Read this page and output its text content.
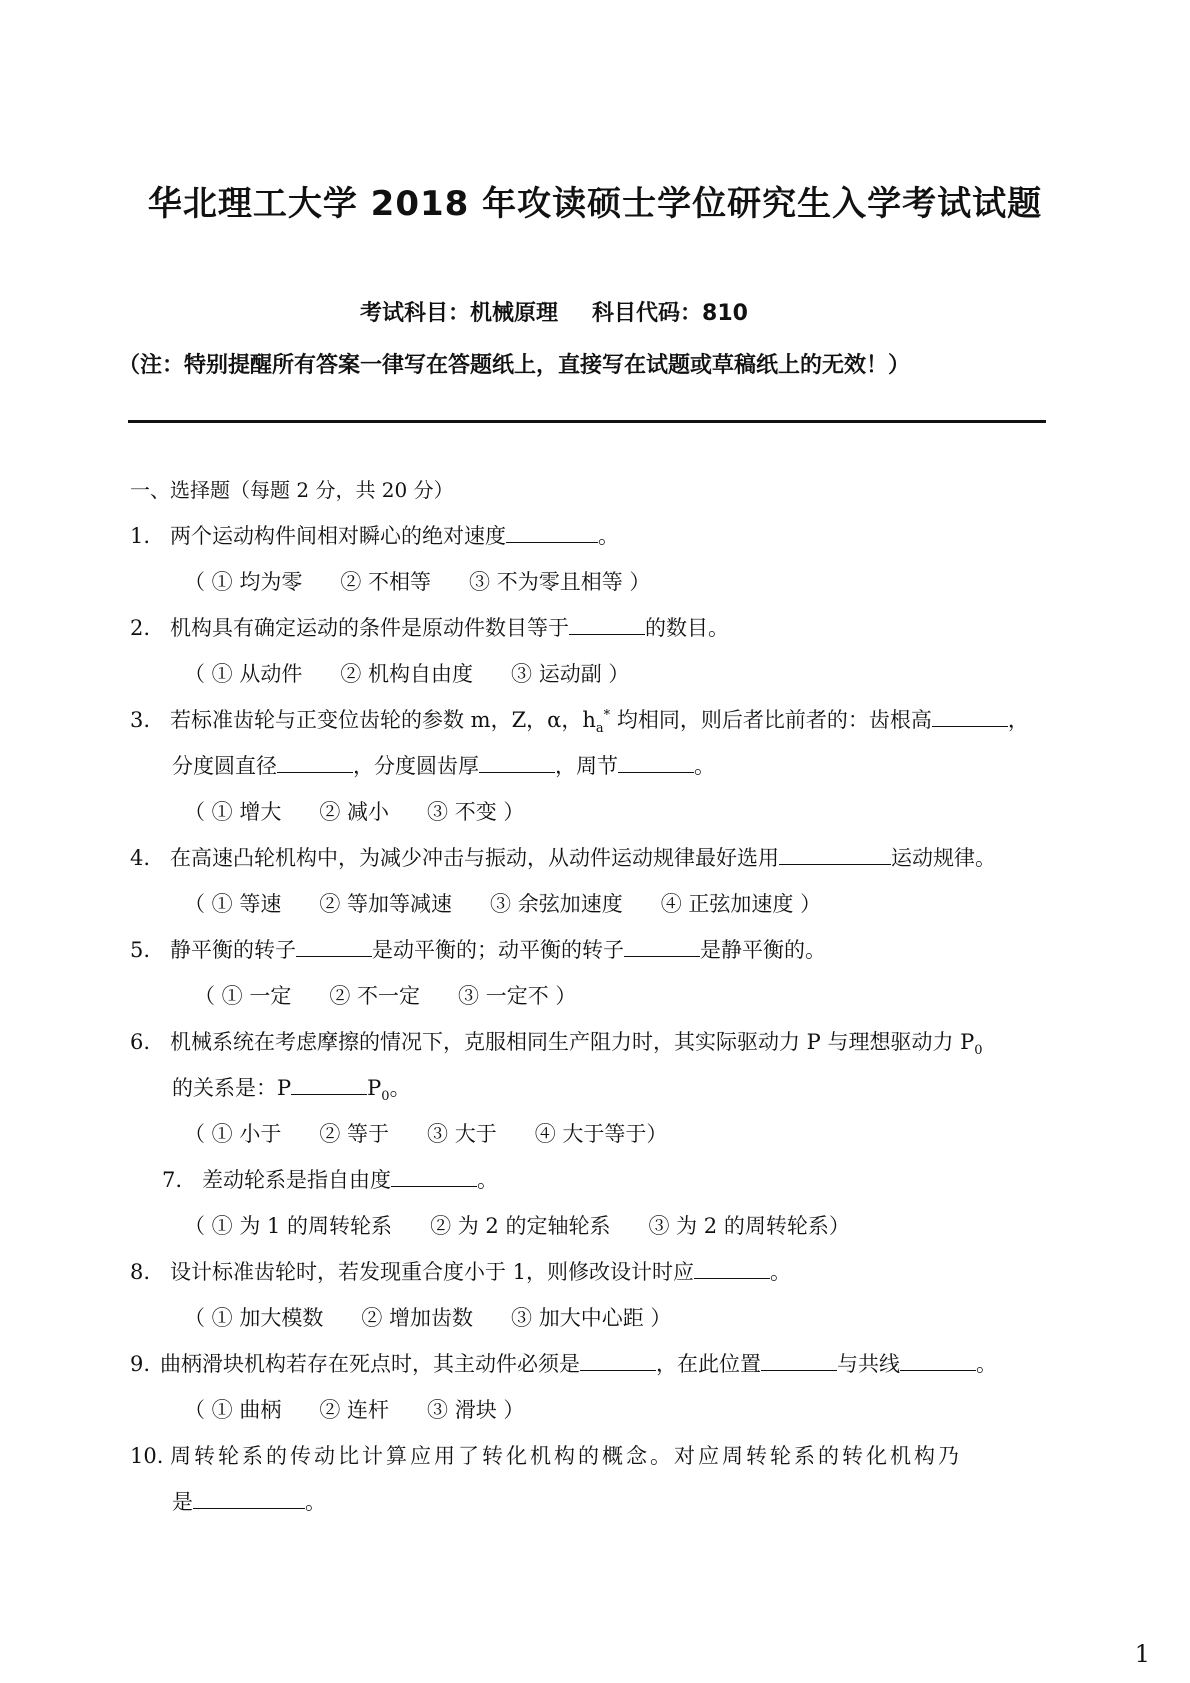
华北理工大学 2018 年攻读硕士学位研究生入学考试试题
考试科目：机械原理 科目代码：810
（注：特别提醒所有答案一律写在答题纸上，直接写在试题或草稿纸上的无效！）
一、选择题（每题 2 分，共 20 分）
1. 两个运动构件间相对瞬心的绝对速度	。
（ ① 均为零 ② 不相等 ③ 不为零且相等 ）
2. 机构具有确定运动的条件是原动件数目等于	的数目。
（ ① 从动件 ② 机构自由度 ③ 运动副 ）
3. 若标准齿轮与正变位齿轮的参数 m，Z，α，$h_a^*$ 均相同，则后者比前者的：齿根高	，
分度圆直径	，分度圆齿厚	，周节	。
（ ① 增大 ② 减小 ③ 不变 ）
4. 在高速凸轮机构中，为减少冲击与振动，从动件运动规律最好选用	运动规律。
（ ① 等速 ② 等加等减速 ③ 余弦加速度 ④ 正弦加速度 ）
5. 静平衡的转子	是动平衡的；动平衡的转子	是静平衡的。
（ ① 一定 ② 不一定 ③ 一定不 ）
6. 机械系统在考虑摩擦的情况下，克服相同生产阻力时，其实际驱动力 P 与理想驱动力 $P_0$
的关系是：P	$P_0$。
（ ① 小于 ② 等于 ③ 大于 ④ 大于等于）
7. 差动轮系是指自由度	。
（ ① 为 1 的周转轮系 ② 为 2 的定轴轮系 ③ 为 2 的周转轮系）
8. 设计标准齿轮时，若发现重合度小于 1，则修改设计时应	。
（ ① 加大模数 ② 增加齿数 ③ 加大中心距 ）
9. 曲柄滑块机构若存在死点时，其主动件必须是	，在此位置	与共线	。
（ ① 曲柄 ② 连杆 ③ 滑块 ）
10. 周转轮系的传动比计算应用了转化机构的概念。对应周转轮系的转化机构乃
是	。
1
